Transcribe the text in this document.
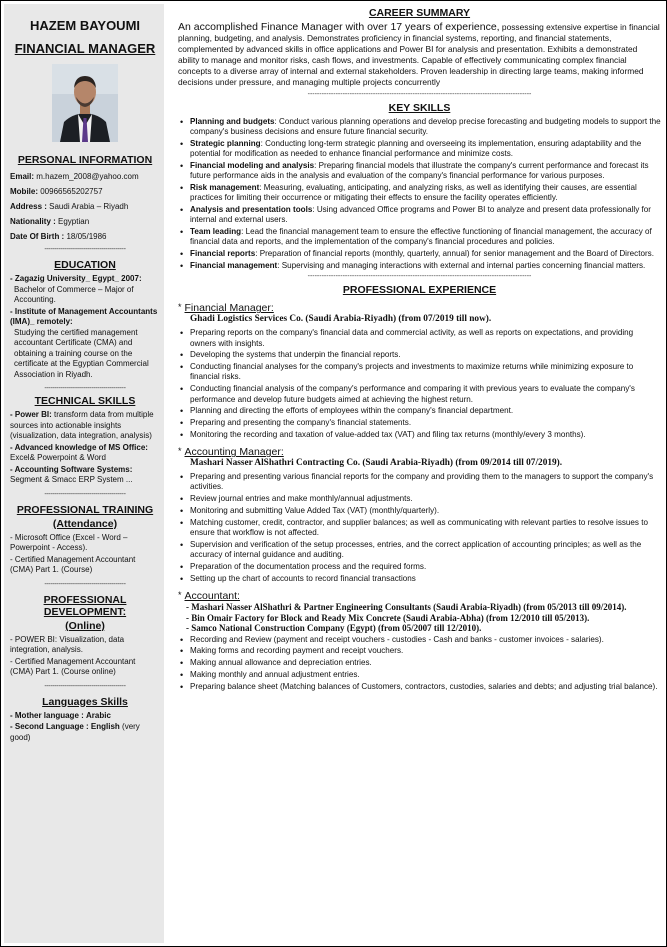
HAZEM BAYOUMI
FINANCIAL MANAGER
PERSONAL INFORMATION
Email: m.hazem_2008@yahoo.com
Mobile: 00966565202757
Address : Saudi Arabia – Riyadh
Nationality : Egyptian
Date Of Birth : 18/05/1986
----------------------------------------
EDUCATION
- Zagazig University_ Egypt_ 2007:
Bachelor of Commerce – Major of Accounting.
- Institute of Management Accountants (IMA)_ remotely:
Studying the certified management accountant Certificate (CMA) and obtaining a training course on the certificate at the Egyptian Commercial Association in Riyadh.
----------------------------------------
TECHNICAL SKILLS
- Power BI: transform data from multiple sources into actionable insights (visualization, data integration, analysis)
- Advanced knowledge of MS Office: Excel& Powerpoint & Word
- Accounting Software Systems: Segment & Smacc ERP System ...
----------------------------------------
PROFESSIONAL TRAINING
(Attendance)
- Microsoft Office (Excel - Word – Powerpoint - Access).
- Certified Management Accountant (CMA) Part 1. (Course)
----------------------------------------
PROFESSIONAL DEVELOPMENT:
(Online)
- POWER BI: Visualization, data integration, analysis.
- Certified Management Accountant (CMA) Part 1. (Course online)
----------------------------------------
Languages Skills
- Mother language : Arabic
- Second Language : English (very good)
CAREER SUMMARY
An accomplished Finance Manager with over 17 years of experience, possessing extensive expertise in financial planning, budgeting, and analysis. Demonstrates proficiency in financial systems, reporting, and financial statements, complemented by advanced skills in office applications and Power BI for analysis and presentation. Exhibits a demonstrated ability to manage and monitor risks, cash flows, and investments. Capable of effectively communicating complex financial concepts to a diverse array of internal and external stakeholders. Proven leadership in directing large teams, making informed decisions under pressure, and managing multiple projects concurrently
------------------------------------------------------------------------------------------------
KEY SKILLS
• Planning and budgets: Conduct various planning operations and develop precise forecasting and budgeting models to support the company's business decisions and ensure future financial security.
• Strategic planning: Conducting long-term strategic planning and overseeing its implementation, ensuring adaptability and the potential for modification as needed to enhance financial performance and minimize costs.
• Financial modeling and analysis: Preparing financial models that illustrate the company's current performance and forecast its future performance aids in the analysis and evaluation of the company's financial performance for various purposes.
• Risk management: Measuring, evaluating, anticipating, and analyzing risks, as well as identifying their causes, are essential practices for limiting their occurrence or mitigating their effects to ensure the facility operates efficiently.
• Analysis and presentation tools: Using advanced Office programs and Power BI to analyze and present data professionally for internal and external users.
• Team leading: Lead the financial management team to ensure the effective functioning of financial management, the accuracy of financial data and reports, and the implementation of the company's financial procedures and policies.
• Financial reports: Preparation of financial reports (monthly, quarterly, annual) for senior management and the Board of Directors.
• Financial management: Supervising and managing interactions with external and internal parties concerning financial matters.
------------------------------------------------------------------------------------------------
PROFESSIONAL EXPERIENCE
* Financial Manager:
Ghadi Logistics Services Co. (Saudi Arabia-Riyadh) (from 07/2019 till now).
• Preparing reports on the company's financial data and commercial activity, as well as reports on expectations, and providing owners with insights.
• Developing the systems that underpin the financial reports.
• Conducting financial analyses for the company's projects and investments to maximize returns while minimizing exposure to financial risks.
• Conducting financial analysis of the company's performance and comparing it with previous years to evaluate the company's performance and develop future budgets aimed at achieving the highest return.
• Planning and directing the efforts of employees within the company's financial department.
• Preparing and presenting the company's financial statements.
• Monitoring the recording and taxation of value-added tax (VAT) and filing tax returns (monthly/every 3 months).
* Accounting Manager:
Mashari Nasser AlShathri Contracting Co. (Saudi Arabia-Riyadh) (from 09/2014 till 07/2019).
• Preparing and presenting various financial reports for the company and providing them to the managers to support the company's activities.
• Review journal entries and make monthly/annual adjustments.
• Monitoring and submitting Value Added Tax (VAT) (monthly/quarterly).
• Matching customer, credit, contractor, and supplier balances; as well as communicating with relevant parties to resolve issues to ensure that workflow is not affected.
• Supervision and verification of the setup processes, entries, and the correct application of accounting principles; as well as the accuracy of internal guidance and auditing.
• Preparation of the documentation process and the required forms.
• Setting up the chart of accounts to record financial transactions
* Accountant:
- Mashari Nasser AlShathri & Partner Engineering Consultants (Saudi Arabia-Riyadh) (from 05/2013 till 09/2014).
- Bin Omair Factory for Block and Ready Mix Concrete (Saudi Arabia-Abha) (from 12/2010 till 05/2013).
- Samco National Construction Company (Egypt) (from 05/2007 till 12/2010).
• Recording and Review (payment and receipt vouchers - custodies - Cash and banks - customer invoices - salaries).
• Making forms and recording payment and receipt vouchers.
• Making annual allowance and depreciation entries.
• Making monthly and annual adjustment entries.
• Preparing balance sheet (Matching balances of Customers, contractors, custodies, salaries and debts; and adjusting trial balance).
